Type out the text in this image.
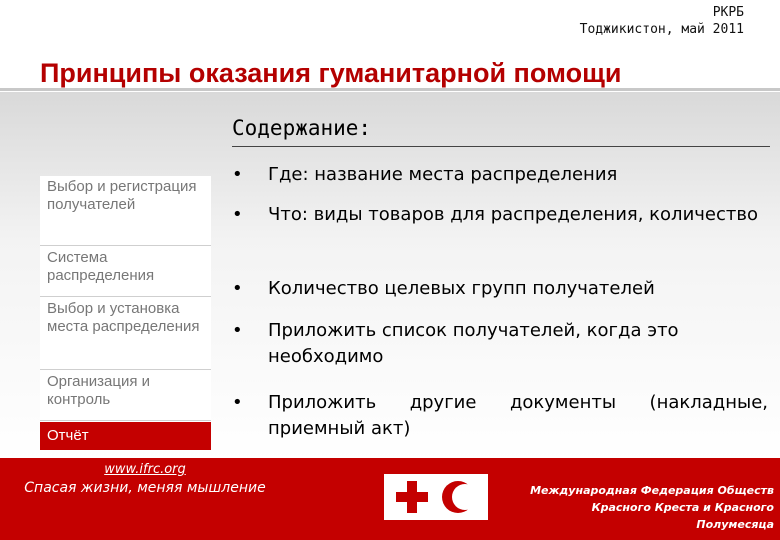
РКРБ
Toджикистон, май 2011
Принципы оказания гуманитарной помощи
Содержание:
Выбор и регистрация получателей
Система распределения
Выбор и установка места распределения
Организация и контроль
Отчёт
• Где: название места распределения
• Что: виды товаров для распределения, количество
• Количество целевых групп получателей
• Приложить список получателей, когда это необходимо
• Приложить другие документы (накладные, приемный акт)
www.ifrc.org
Спасая жизни, меняя мышление	Международная Федерация Обществ
Красного Креста и Красного Полумесяца
